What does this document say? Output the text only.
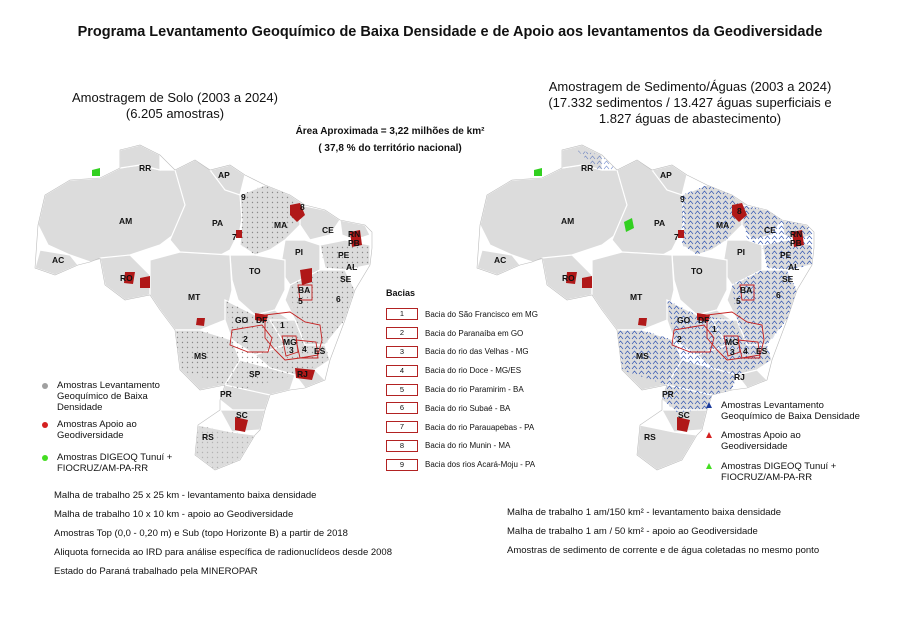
Programa Levantamento Geoquímico de Baixa Densidade e de Apoio aos levantamentos da Geodiversidade
Amostragem de Solo (2003 a 2024)
(6.205 amostras)
Área Aproximada = 3,22 milhões de km²
( 37,8 % do território nacional)
Amostragem de Sedimento/Águas (2003 a 2024)
(17.332 sedimentos / 13.427 águas superficiais e
1.827 águas de abastecimento)
RR
AP
AM	PA	MA	CE RN
PB
PE
AL
SE
PI
TO
AC
RO
MT
BA
GO DF
MG
ES
MS
SP	RJ
PR
SC
RS
1
2
3 4
5	6
7
8
9
RR
AP
AM	PA	MA	CE RN
PB
PE
AL
SE
PI
TO
AC
RO
MT
BA
GO DF
MG
ES
MS
RJ
PR
SC
RS
1
2
3 4
5
6
7
8
9
Amostras Levantamento Geoquímico de Baixa Densidade
Amostras Apoio ao Geodiversidade
Amostras DIGEOQ Tunuí + FIOCRUZ/AM-PA-RR
Amostras Levantamento Geoquímico de Baixa Densidade
Amostras Apoio ao Geodiversidade
Amostras DIGEOQ Tunuí + FIOCRUZ/AM-PA-RR
Bacias
1	Bacia do São Francisco em MG
2	Bacia do Paranaíba em GO
3	Bacia do rio das Velhas - MG
4	Bacia do rio Doce - MG/ES
5	Bacia do rio Paramirim - BA
6	Bacia do rio Subaé - BA
7	Bacia do rio Parauapebas - PA
8	Bacia do rio Munin - MA
9	Bacia dos rios Acará-Moju - PA
Malha de trabalho 25 x 25 km - levantamento baixa densidade
Malha de trabalho 10 x 10 km - apoio ao Geodiversidade
Amostras Top (0,0 - 0,20 m) e Sub (topo Horizonte B) a partir de 2018
Aliquota fornecida ao IRD para análise específica de radionuclídeos desde 2008
Estado do Paraná trabalhado pela MINEROPAR
Malha de trabalho 1 am/150 km² - levantamento baixa densidade
Malha de trabalho 1 am / 50 km² - apoio ao Geodiversidade
Amostras de sedimento de corrente e de água coletadas no mesmo ponto
